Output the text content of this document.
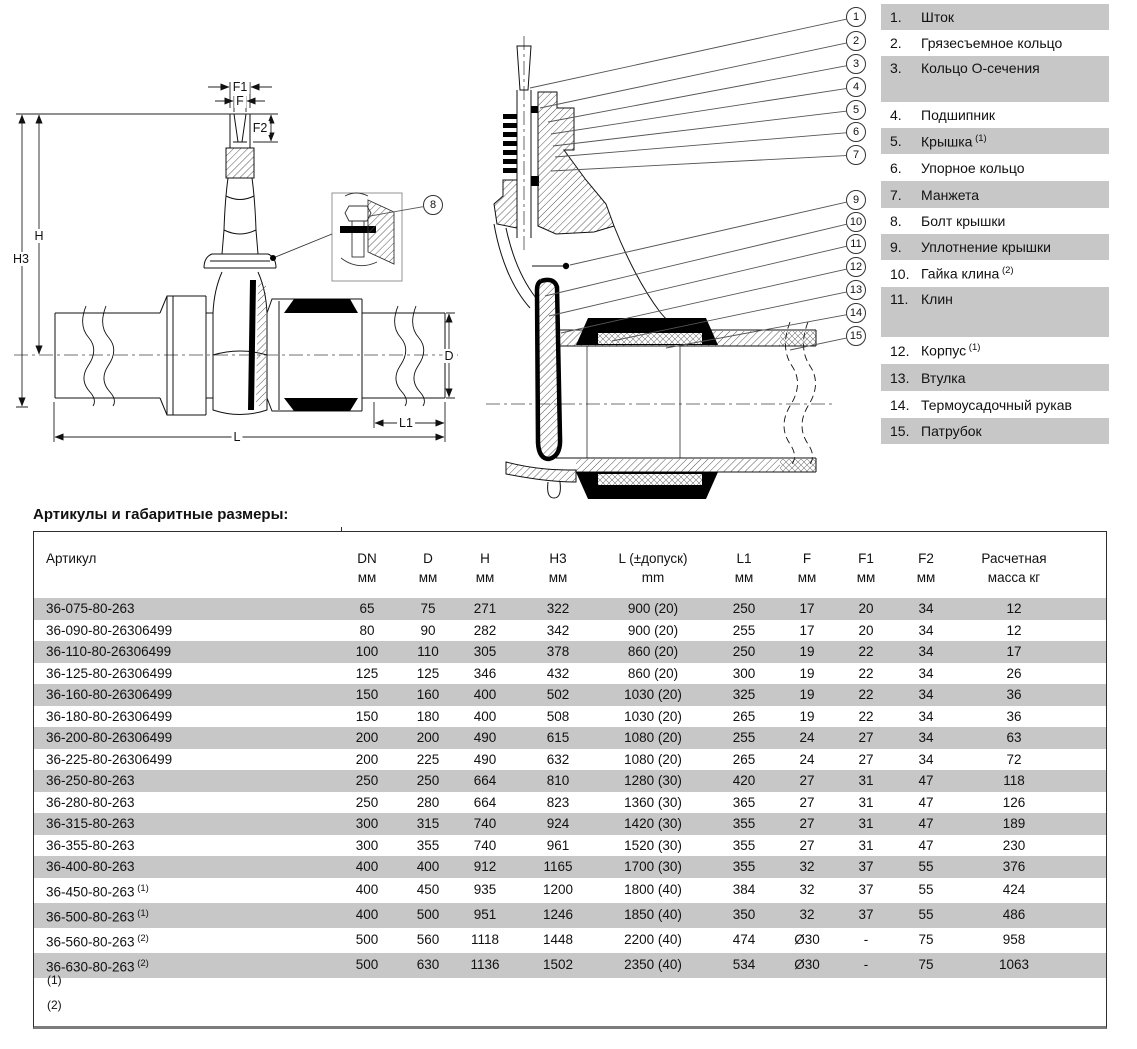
1
2
3
4
5
6
7
8	9
10
11
12
13
14
15
F1
F
F2
H
H3
D
L1
L
1.	Шток
2.	Грязесъемное кольцо
3.	Кольцо О-сечения
4.	Подшипник
5.	Крышка $^{(1)}$
6.	Упорное кольцо
7.	Манжета
8.	Болт крышки
9.	Уплотнение крышки
10. Гайка клина $^{(2)}$
11. Клин
12. Корпус $^{(1)}$
13. Втулка
14. Термоусадочный рукав
15. Патрубок
Артикулы и габаритные размеры:
Артикул	DN	D	H	H3	L (±допуск)	L1	F	F1	F2	Расчетная
	мм	мм	мм	мм	mm	мм	мм	мм	мм	масса кг
36-075-80-263	65	75	271	322	900 (20)	250	17	20	34	12
36-090-80-26306499	80	90	282	342	900 (20)	255	17	20	34	12
36-110-80-26306499	100	110	305	378	860 (20)	250	19	22	34	17
36-125-80-26306499	125	125	346	432	860 (20)	300	19	22	34	26
36-160-80-26306499	150	160	400	502	1030 (20)	325	19	22	34	36
36-180-80-26306499	150	180	400	508	1030 (20)	265	19	22	34	36
36-200-80-26306499	200	200	490	615	1080 (20)	255	24	27	34	63
36-225-80-26306499	200	225	490	632	1080 (20)	265	24	27	34	72
36-250-80-263	250	250	664	810	1280 (30)	420	27	31	47	118
36-280-80-263	250	280	664	823	1360 (30)	365	27	31	47	126
36-315-80-263	300	315	740	924	1420 (30)	355	27	31	47	189
36-355-80-263	300	355	740	961	1520 (30)	355	27	31	47	230
36-400-80-263	400	400	912	1165	1700 (30)	355	32	37	55	376
36-450-80-263 $^{(1)}$	400	450	935	1200	1800 (40)	384	32	37	55	424
36-500-80-263 $^{(1)}$	400	500	951	1246	1850 (40)	350	32	37	55	486
36-560-80-263 $^{(2)}$	500	560	1118	1448	2200 (40)	474	Ø30	-	75	958
36-630-80-263 $^{(2)}$	500	630	1136	1502	2350 (40)	534	Ø30	-	75	1063
(1)
(2)
